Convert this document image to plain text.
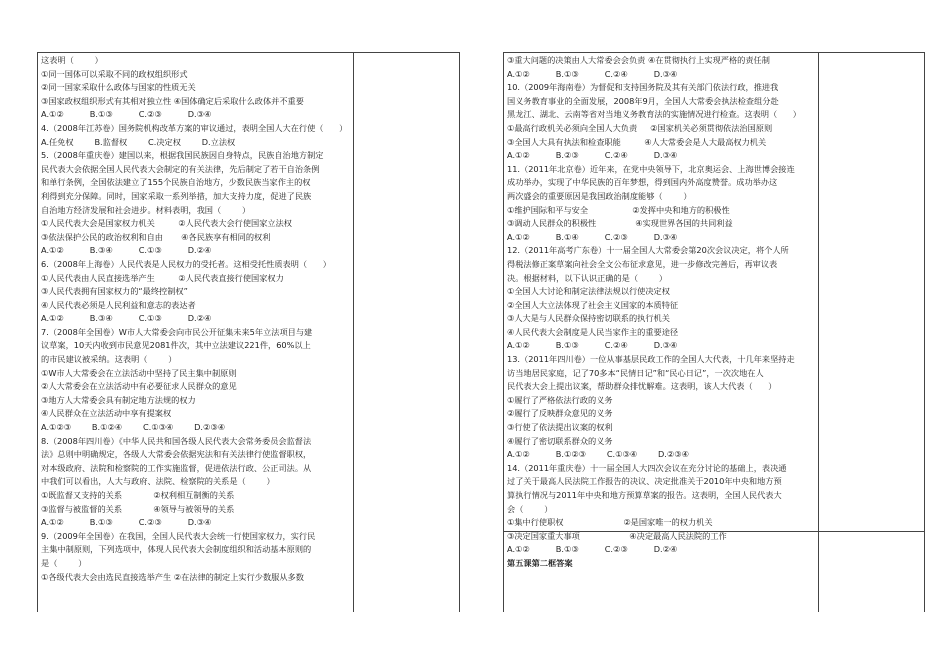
这表明（        ）

①同一国体可以采取不同的政权组织形式

②同一国家采取什么政体与国家的性质无关

③国家政权组织形式有其相对独立性 ④国体确定后采取什么政体并不重要

A.①②          B.①③          C.②③          D.③④

4.（2008年江苏卷）国务院机构改革方案的审议通过，表明全国人大在行使（      ）

A.任免权        B.监督权        C.决定权        D.立法权

5.（2008年重庆卷）建国以来，根据我国民族因自身特点，民族自治地方制定

民代表大会依据全国人民代表大会制定的有关法律，先后制定了若干自治条例

和单行条例，全国依法建立了155个民族自治地方，少数民族当家作主的权

利得到充分保障。同时，国家采取一系列举措，加大支持力度，促进了民族

自治地方经济发展和社会进步。材料表明，我国（        ）

①人民代表大会是国家权力机关         ②人民代表大会行使国家立法权

③依法保护公民的政治权利和自由       ④各民族享有相同的权利

A.①②          B.③④          C.①③          D.②④

6.（2008年上海卷）人民代表是人民权力的受托者。这相受托性质表明（      ）

①人民代表由人民直接选举产生         ②人民代表直接行使国家权力

③人民代表拥有国家权力的“最终控制权”

④人民代表必须是人民利益和意志的表达者

A.①②          B.③④          C.①③          D.②④

7.（2008年全国卷）W市人大常委会向市民公开征集未来5年立法项目与建

议草案，10天内收到市民意见2081件次，其中立法建议221件，60%以上

的市民建议被采纳。这表明（        ）

①W市人大常委会在立法活动中坚持了民主集中制原则

②人大常委会在立法活动中有必要征求人民群众的意见

③地方人大常委会具有制定地方法规的权力

④人民群众在立法活动中享有提案权

A.①②③        B.①②④        C.①③④        D.②③④

8.（2008年四川卷）《中华人民共和国各级人民代表大会常务委员会监督法

法》总则中明确规定，各级人大常委会依据宪法和有关法律行使监督职权，

对本级政府、法院和检察院的工作实施监督，促进依法行政、公正司法。从

中我们可以看出，人大与政府、法院、检察院的关系是（        ）

①既监督又支持的关系            ②权利相互制衡的关系

③监督与被监督的关系            ④领导与被领导的关系

A.①②          B.①③          C.②③          D.③④

9.（2009年全国卷）在我国，全国人民代表大会统一行使国家权力，实行民

主集中制原则，下列选项中，体现人民代表大会制度组织和活动基本原则的

是（        ）

①各级代表大会由选民直接选举产生 ②在法律的制定上实行少数服从多数

③重大问题的决策由人大常委会会负责 ④在贯彻执行上实现严格的责任制

A.①②          B.①③          C.②④          D.③④

10.（2009年海南卷）为督促和支持国务院及其有关部门依法行政，推进我

国义务教育事业的全面发展，2008年9月，全国人大常委会执法检查组分赴

黑龙江、湖北、云南等省对当地义务教育法的实施情况进行检查。这表明（      ）

①最高行政机关必须向全国人大负责     ②国家机关必须贯彻依法治国原则

③全国人大具有执法和检查职能         ④人大常委会是人大最高权力机关

A.①②          B.②③          C.②④          D.③④

11.（2011年北京卷）近年来，在党中央领导下，北京奥运会、上海世博会接连

成功举办，实现了中华民族的百年梦想，得到国内外高度赞誉。成功举办这

两次盛会的重要原因是我国政治制度能够（        ）

①维护国际和平与安全                 ②发挥中央和地方的积极性

③调动人民群众的积极性               ④实现世界各国的共同利益

A.①②          B.①④          C.②③          D.③④

12.（2011年高考广东卷）十一届全国人大常委会第20次会议决定，将个人所

得税法修正案草案向社会全文公布征求意见，进一步修改完善后，再审议表

决。根据材料，以下认识正确的是（        ）

①全国人大讨论和制定法律法规以行使决定权

②全国人大立法体现了社会主义国家的本质特征

③人大是与人民群众保持密切联系的执行机关

④人民代表大会制度是人民当家作主的重要途径

A.①②          B.①③          C.②④          D.③④

13.（2011年四川卷）一位从事基层民政工作的全国人大代表，十几年来坚持走

访当地居民家庭，记了70多本“民情日记”和“民心日记”，一次次地在人

民代表大会上提出议案，帮助群众排忧解难。这表明，该人大代表（      ）

①履行了严格依法行政的义务

②履行了反映群众意见的义务

③行使了依法提出议案的权利

④履行了密切联系群众的义务

A.①②          B.①②③        C.①③④        D.②③④

14.（2011年重庆卷）十一届全国人大四次会议在充分讨论的基础上，表决通

过了关于最高人民法院工作报告的决议、决定批准关于2010年中央和地方预

算执行情况与2011年中央和地方预算草案的报告。这表明，全国人民代表大

会（        ）

①集中行使职权                       ②是国家唯一的权力机关

③决定国家重大事项                   ④决定最高人民法院的工作

A.①②          B.①③          C.②③          D.②④

第五课第二框答案
